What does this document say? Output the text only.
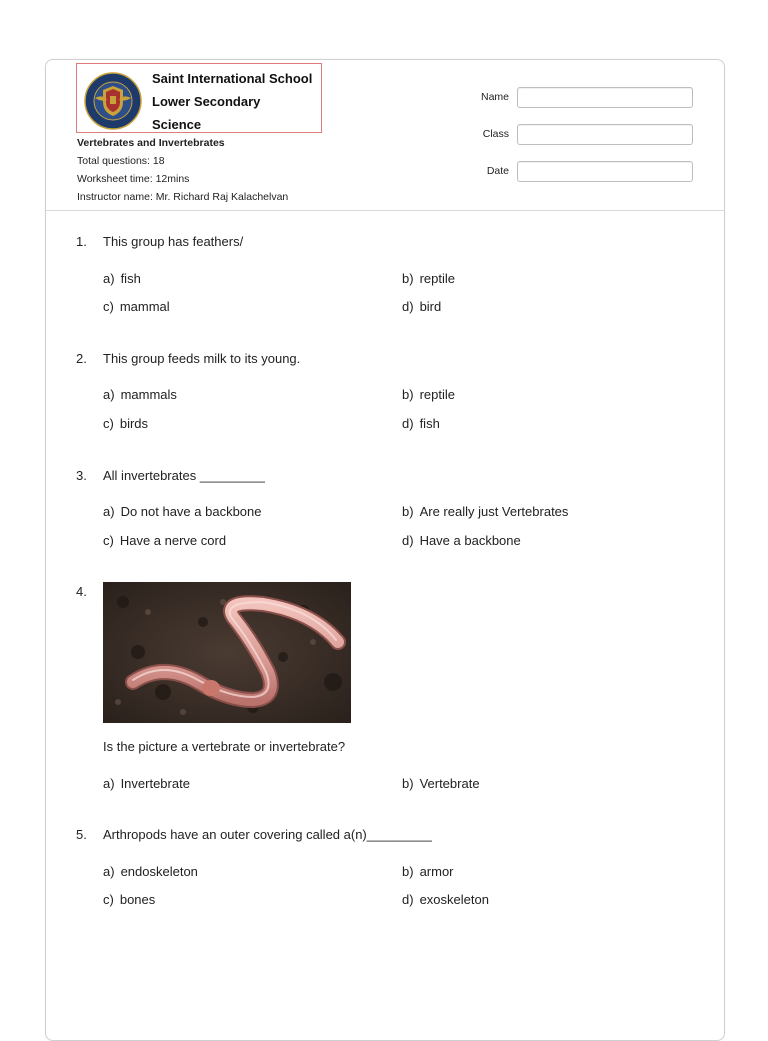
Saint International School
Lower Secondary
Science
Vertebrates and Invertebrates
Total questions: 18
Worksheet time: 12mins
Instructor name: Mr. Richard Raj Kalachelvan
Name
Class
Date
1. This group has feathers/
a) fish	b) reptile
c) mammal	d) bird
2. This group feeds milk to its young.
a) mammals	b) reptile
c) birds	d) fish
3. All invertebrates _________
a) Do not have a backbone	b) Are really just Vertebrates
c) Have a nerve cord	d) Have a backbone
4.
Is the picture a vertebrate or invertebrate?
a) Invertebrate	b) Vertebrate
5. Arthropods have an outer covering called a(n)_________
a) endoskeleton	b) armor
c) bones	d) exoskeleton
